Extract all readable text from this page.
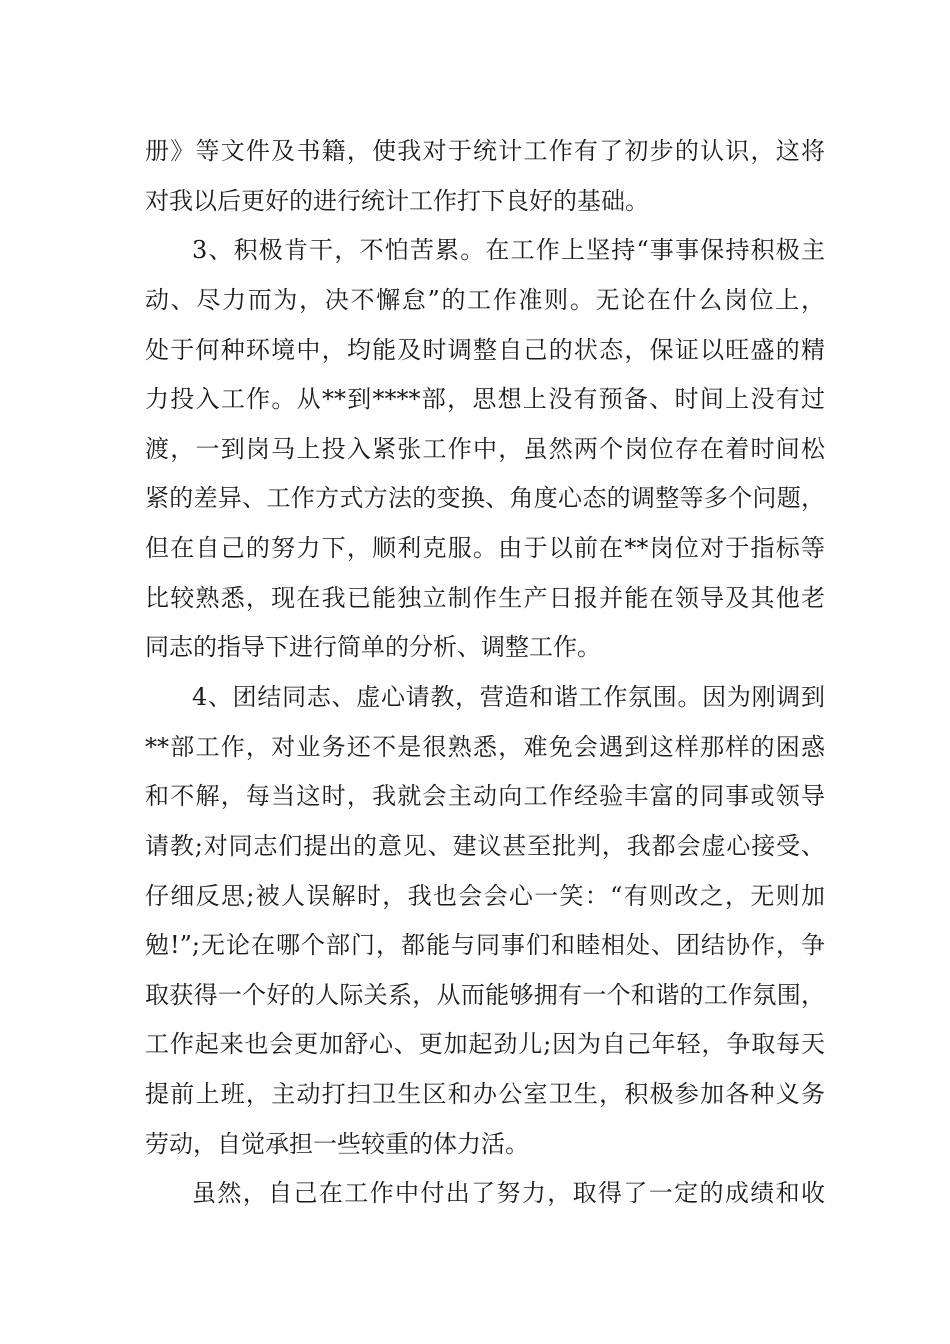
册》等文件及书籍，使我对于统计工作有了初步的认识，这将
对我以后更好的进行统计工作打下良好的基础。
3、积极肯干，不怕苦累。在工作上坚持“事事保持积极主
动、尽力而为，决不懈怠”的工作准则。无论在什么岗位上，
处于何种环境中，均能及时调整自己的状态，保证以旺盛的精
力投入工作。从**到****部，思想上没有预备、时间上没有过
渡，一到岗马上投入紧张工作中，虽然两个岗位存在着时间松
紧的差异、工作方式方法的变换、角度心态的调整等多个问题，
但在自己的努力下，顺利克服。由于以前在**岗位对于指标等
比较熟悉，现在我已能独立制作生产日报并能在领导及其他老
同志的指导下进行简单的分析、调整工作。
4、团结同志、虚心请教，营造和谐工作氛围。因为刚调到
**部工作，对业务还不是很熟悉，难免会遇到这样那样的困惑
和不解，每当这时，我就会主动向工作经验丰富的同事或领导
请教;对同志们提出的意见、建议甚至批判，我都会虚心接受、
仔细反思;被人误解时，我也会会心一笑：“有则改之，无则加
勉!”;无论在哪个部门，都能与同事们和睦相处、团结协作，争
取获得一个好的人际关系，从而能够拥有一个和谐的工作氛围，
工作起来也会更加舒心、更加起劲儿;因为自己年轻，争取每天
提前上班，主动打扫卫生区和办公室卫生，积极参加各种义务
劳动，自觉承担一些较重的体力活。
虽然，自己在工作中付出了努力，取得了一定的成绩和收
